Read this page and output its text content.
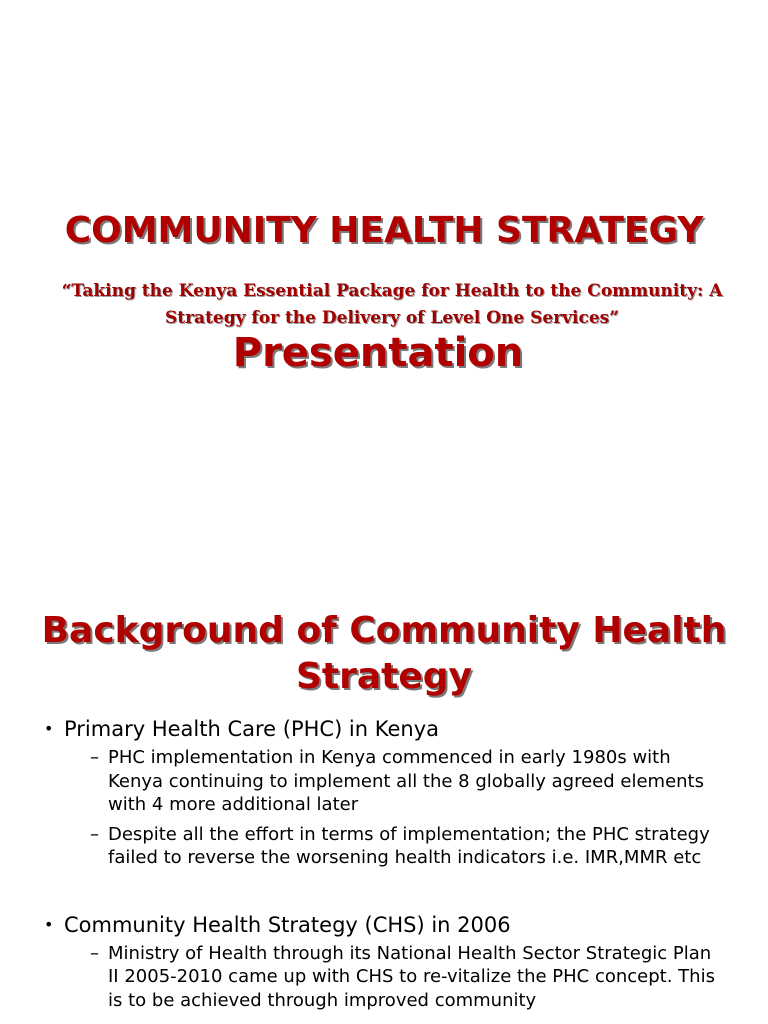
COMMUNITY HEALTH STRATEGY

“Taking the Kenya Essential Package for Health to the Community: A Strategy for the Delivery of Level One Services”

Presentation
Background of Community Health Strategy
• Primary Health Care (PHC) in Kenya
– PHC implementation in Kenya commenced in early 1980s with Kenya continuing to implement all the 8 globally agreed elements with 4 more additional later
– Despite all the effort in terms of implementation; the PHC strategy failed to reverse the worsening health indicators i.e. IMR,MMR etc
• Community Health Strategy (CHS) in 2006
– Ministry of Health through its National Health Sector Strategic Plan II 2005-2010 came up with CHS to re-vitalize the PHC concept. This is to be achieved through improved community
